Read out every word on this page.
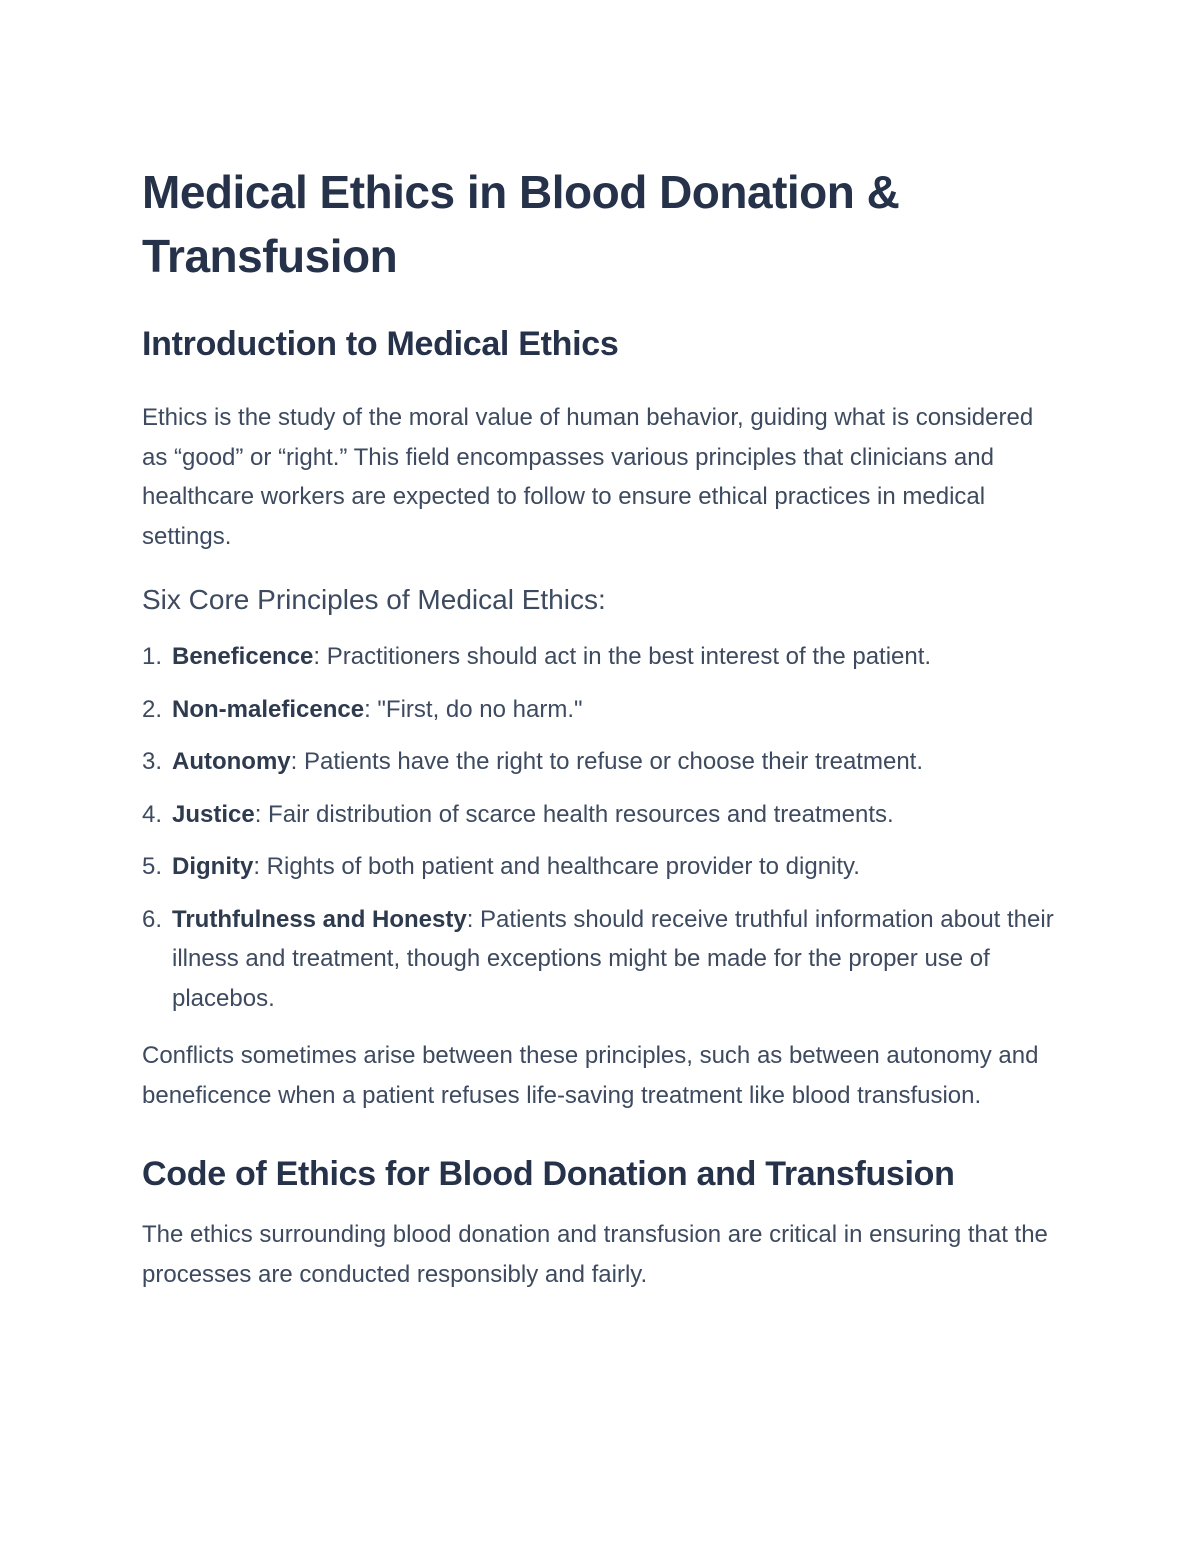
Medical Ethics in Blood Donation & Transfusion
Introduction to Medical Ethics

Ethics is the study of the moral value of human behavior, guiding what is considered as “good” or “right.” This field encompasses various principles that clinicians and healthcare workers are expected to follow to ensure ethical practices in medical settings.

Six Core Principles of Medical Ethics:
1. Beneficence: Practitioners should act in the best interest of the patient.
2. Non-maleficence: "First, do no harm."
3. Autonomy: Patients have the right to refuse or choose their treatment.
4. Justice: Fair distribution of scarce health resources and treatments.
5. Dignity: Rights of both patient and healthcare provider to dignity.
6. Truthfulness and Honesty: Patients should receive truthful information about their illness and treatment, though exceptions might be made for the proper use of placebos.

Conflicts sometimes arise between these principles, such as between autonomy and beneficence when a patient refuses life-saving treatment like blood transfusion.

Code of Ethics for Blood Donation and Transfusion

The ethics surrounding blood donation and transfusion are critical in ensuring that the processes are conducted responsibly and fairly.
